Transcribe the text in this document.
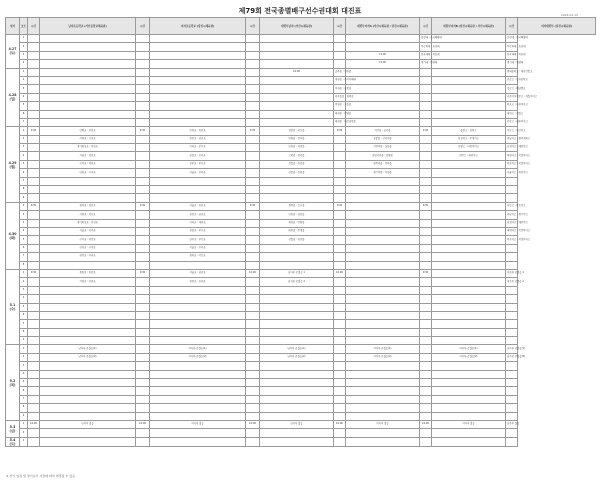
제79회 전국종별배구선수권대회 대진표	2024.04.10
일자	코트	시간	남자초등학교 (서산중학교체육관)	시간	여자초등학교 (당진시체육관)	시간	대학부남자 (서산시체육관)	시간	대학부여자A (서산시체육관 / 당진시체육관)	시간	대학부여자B (당진시체육관 / 서산시체육관)	시간	여자대학부 (당진시체육관)
4.27 (토)	1									인천대 : 한국해양대		인천대 : 한국해양대	
	2									부산외대 : 호남대		부산외대 : 호남대	
	3								13:00	한국체대 : 목포대		한국체대 : 목포대	
	4								15:00	경기대 : 한양대		경기대 : 한양대	
4.28 (일)	1						10:00	공주중 : 인천중				현대중학교 : 제천산업고	
	2							제천중 : 중마서해대				송산고 : 동천안학교	
	3							이천중 : 상봉중				송산고 : 해남뿐교	
	4							진주동중 : 경북중				진주여자정보고 : 제일여자고	
	5							연천중 : 고흥중				목포교 : 사천여자고	
	6							대천중 : 안양중				대천고 : 전일고	
	7							대천중 : 대산남면중				안산고 : 대천여자고	
4.29 (월)	1	9:30	안양초 : 부천초	9:30	인천초 : 천안초	9:30	삼봉중 : 서산중	9:30	서산중 : 공주중	9:30	중앙고 : 강북고	익산고 : 한산여고	
	2		서면초 : 신천초		천안초 : 당진초		연평중 : 전부중		삼봉중 : 신천여중		남성여고 : 문경여고	전남여고 : 광주체육고	
	3		경기화성초 : 부천초		이리초 : 부산초		인천중 : 이천중		신천여중 : 성남중		온양고 : 의정부여고	남성여고 : 대전여고	
	4		서울초 : 천안초		상봉초 : 진주초		고학중 : 전주중		천안서여중 : 안양중		천안고 : 대전여고	대전여고 : 의정부여고	
	5		구미초 : 제천초		진주초 : 부산초		선일중 : 천안중		전북여중 : 문학중			목포여고 : 의정부여고	
	6		인천초 : 구미초		서울초 : 진주초		상봉중 : 인천중		경기여중 : 이천중			서울여고 : 천안여고	
	7												
	8												
	9												
4.30 (화)	1	9:30	경북초 : 천안초	9:30	서울초 : 천안초	9:30	경북중 : 오산중	9:30		9:30		익산고 : 목포여고	
	2		서면초 : 서산초		천안초 : 당진초		인천중 : 상봉중					전남여고 : 경기여고	
	3		경기화성초 : 인천초		이리초 : 제천초		제천중 : 안양중					남성여고 : 대전여고	
	4		서울초 : 진주초		상봉초 : 부산초		대천중 : 문경중					대전여고 : 의정부여고	
	5		구미초 : 천안초		진주초 : 부산초		선일중 : 천안중					목포여고 : 의정부여고	
	6		인천초 : 구미초		서울초 : 진주초								
	7		천안초 : 이리초		경북초 : 서산초								
	8												
5.1 (수)	1	9:30	경북초 : 천안초	9:30	서울초 : 당진초	10:00	남자부 준결승 1	10:00		9:30		여자부 준결승 1	
	2		서면초 : 인천초		천안초 : 진주초		남자부 준결승 2					여자부 준결승 2	
	3												
	4												
	5												
	6												
	7												
	8												
	9												
5.2 (목)	1		남자부 준결승(1)		여자부 준결승(1)		남자부 준결승(1)		여자부 준결승(1)		여자부 준결승(1)	남자부 준결승(1)	
	2		남자부 준결승(2)		여자부 준결승(2)		남자부 준결승(2)		여자부 준결승(2)		여자부 준결승(2)	남자부 준결승(2)	
	3												
	4												
	5												
	6												
	7												
	8												
	9												
5.3 (금)	1	10:00	남자부 결승	10:00	여자부 결승	10:00	남자부 결승	10:00	여자부 결승	10:00	여자부 결승	남자부 결승	
	2												
5.4 (토)	1												
※ 상기 일정 및 경기순서 사정에 따라 변경될 수 있음
